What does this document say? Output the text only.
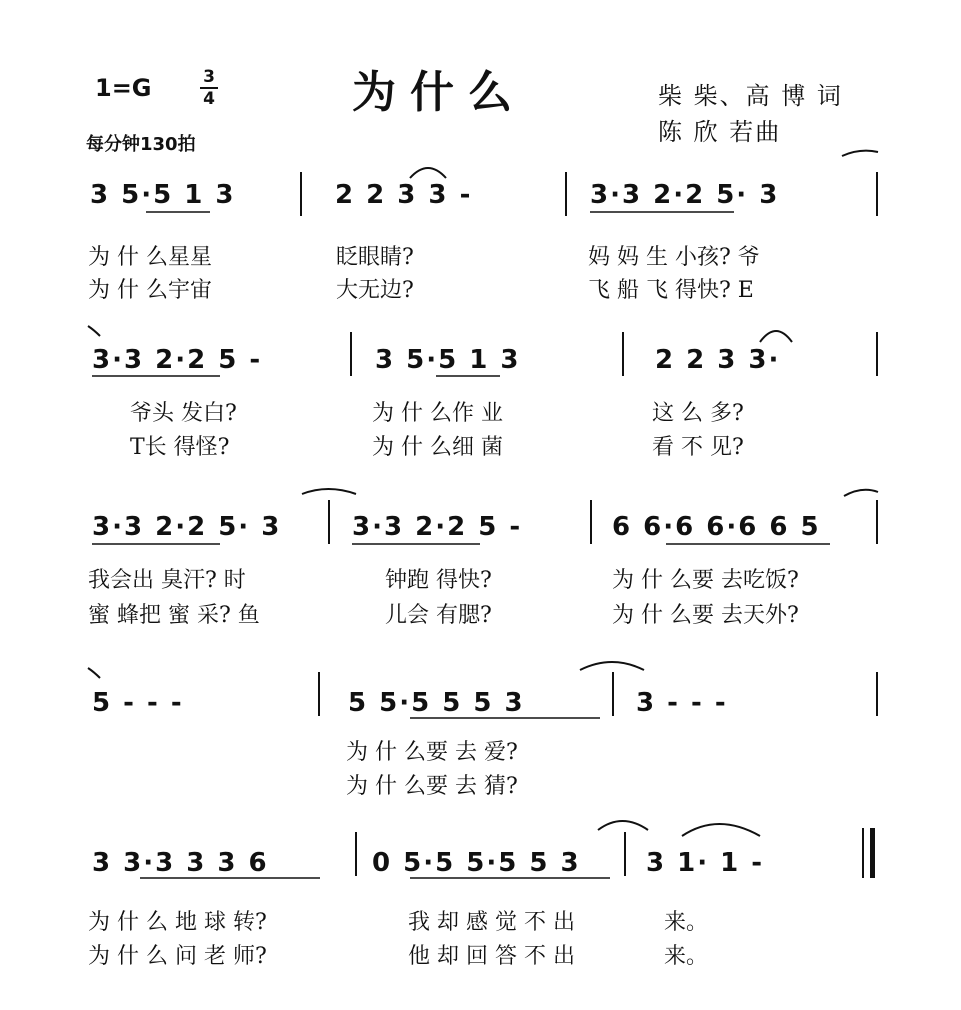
1=G	3
4	为什么	柴 柴、高 博 词
陈 欣 若曲
每分钟130拍
3 5·5 1 3	2 2 3 3 -	3·3 2·2 5· 3
为 什 么星星	眨眼睛?	妈 妈 生 小孩? 爷
为 什 么宇宙	大无边?	飞 船 飞 得快? E
3·3 2·2 5 -	3 5·5 1 3	2 2 3 3·
爷头 发白?	为 什 么作 业	这 么 多?
T长 得怪?	为 什 么细 菌	看 不 见?
3·3 2·2 5· 3	3·3 2·2 5 -	6 6·6 6·6 6 5
我会出 臭汗? 时	钟跑 得快?	为 什 么要 去吃饭?
蜜 蜂把 蜜 采? 鱼	儿会 有腮?	为 什 么要 去天外?
5 - - -	5 5·5 5 5 3	3 - - -
为 什 么要 去 爱?
为 什 么要 去 猜?
3 3·3 3 3 6	0 5·5 5·5 5 3	3 1· 1 -
为 什 么 地 球 转?	我 却 感 觉 不 出	来。
为 什 么 问 老 师?	他 却 回 答 不 出	来。
